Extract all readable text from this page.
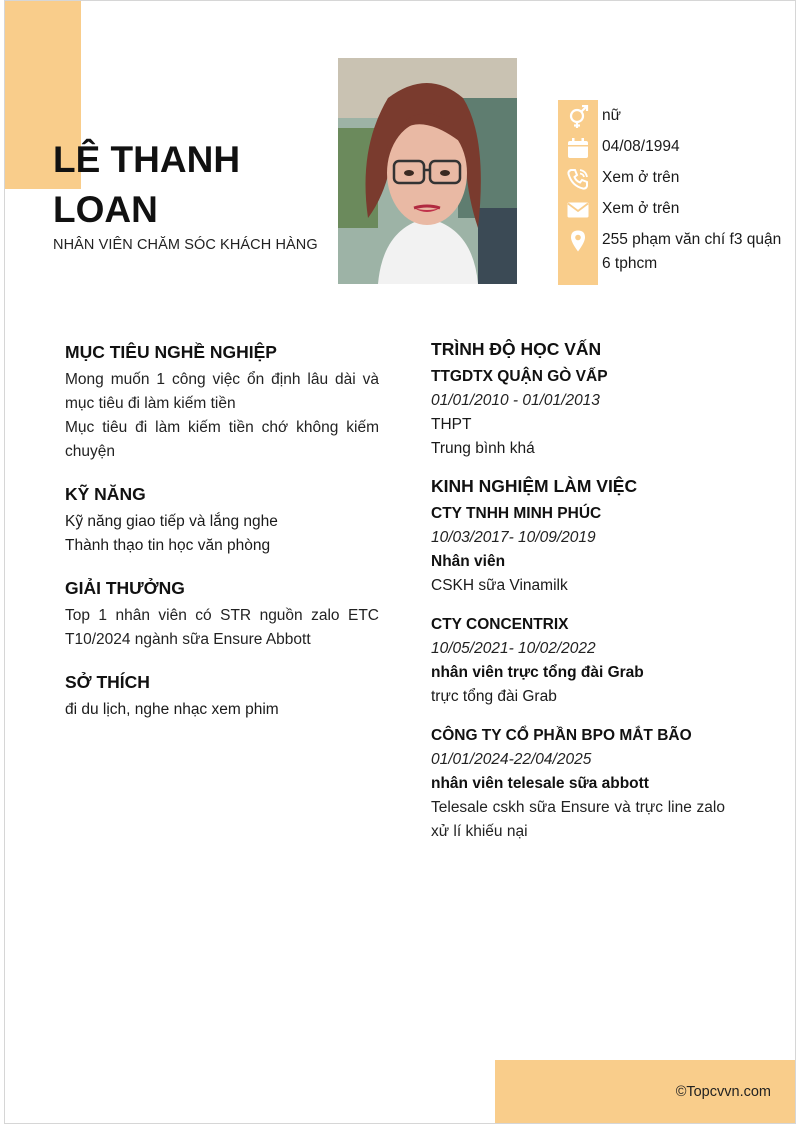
LÊ THANH LOAN

NHÂN VIÊN CHĂM SÓC KHÁCH HÀNG

nữ
04/08/1994
Xem ở trên
Xem ở trên
255 phạm văn chí f3 quận 6 tphcm
MỤC TIÊU NGHỀ NGHIỆP

Mong muốn 1 công việc ổn định lâu dài và mục tiêu đi làm kiếm tiền

Mục tiêu đi làm kiếm tiền chớ không kiếm chuyện

KỸ NĂNG

Kỹ năng giao tiếp và lắng nghe

Thành thạo tin học văn phòng

GIẢI THƯỞNG

Top 1 nhân viên có STR nguồn zalo ETC T10/2024 ngành sữa Ensure Abbott

SỞ THÍCH

đi du lịch, nghe nhạc xem phim

TRÌNH ĐỘ HỌC VẤN

TTGDTX QUẬN GÒ VẤP

01/01/2010 - 01/01/2013

THPT

Trung bình khá

KINH NGHIỆM LÀM VIỆC

CTY TNHH MINH PHÚC

10/03/2017- 10/09/2019

Nhân viên

CSKH sữa Vinamilk

CTY CONCENTRIX

10/05/2021- 10/02/2022

nhân viên trực tổng đài Grab

trực tổng đài Grab

CÔNG TY CỔ PHẦN BPO MẮT BÃO

01/01/2024-22/04/2025

nhân viên telesale sữa abbott

Telesale cskh sữa Ensure và trực line zalo xử lí khiếu nại

©Topcvvn.com
